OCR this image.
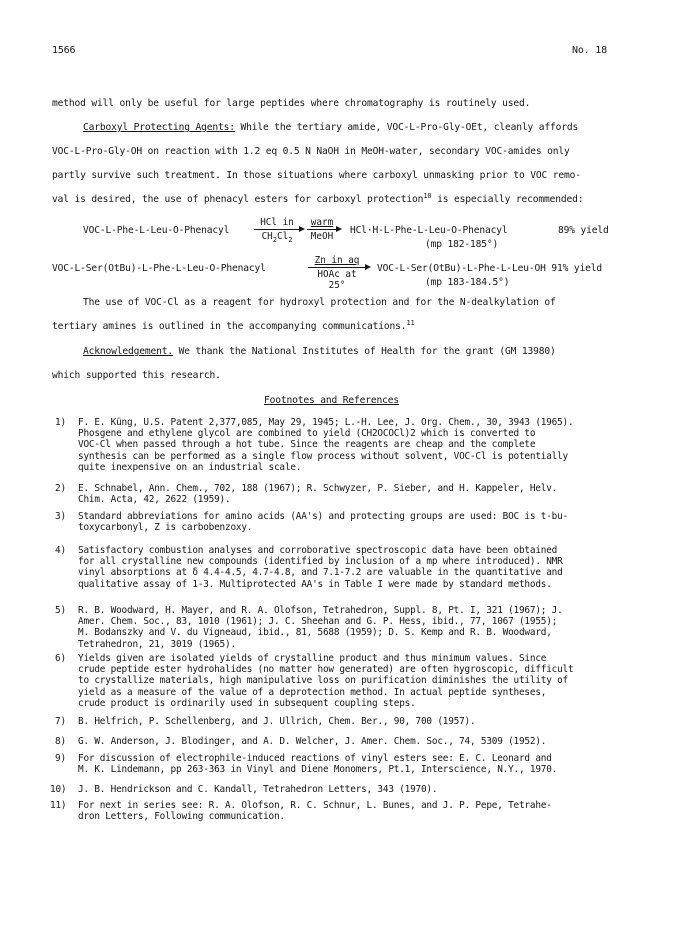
1566	No. 18
method will only be useful for large peptides where chromatography is routinely used.
Carboxyl Protecting Agents: While the tertiary amide, VOC-L-Pro-Gly-OEt, cleanly affords
VOC-L-Pro-Gly-OH on reaction with 1.2 eq 0.5 N NaOH in MeOH-water, secondary VOC-amides only
partly survive such treatment. In those situations where carboxyl unmasking prior to VOC remo-
val is desired, the use of phenacyl esters for carboxyl protection$^{10}$ is especially recommended:
VOC-L-Phe-L-Leu-O-Phenacyl
HCl in
$CH_2Cl_2$
warm
MeOH
HCl·H-L-Phe-L-Leu-O-Phenacyl	89% yield
(mp 182-185°)
VOC-L-Ser(OtBu)-L-Phe-L-Leu-O-Phenacyl
Zn in aq
HOAc at 25°
VOC-L-Ser(OtBu)-L-Phe-L-Leu-OH 91% yield
(mp 183-184.5°)
The use of VOC-Cl as a reagent for hydroxyl protection and for the N-dealkylation of
tertiary amines is outlined in the accompanying communications.$^{11}$
Acknowledgement. We thank the National Institutes of Health for the grant (GM 13980)
which supported this research.
Footnotes and References
1) F. E. Küng, U.S. Patent 2,377,085, May 29, 1945; L.-H. Lee, J. Org. Chem., 30, 3943 (1965).
Phosgene and ethylene glycol are combined to yield (CH2OCOCl)2 which is converted to
VOC-Cl when passed through a hot tube. Since the reagents are cheap and the complete
synthesis can be performed as a single flow process without solvent, VOC-Cl is potentially
quite inexpensive on an industrial scale.
2) E. Schnabel, Ann. Chem., 702, 188 (1967); R. Schwyzer, P. Sieber, and H. Kappeler, Helv.
Chim. Acta, 42, 2622 (1959).
3) Standard abbreviations for amino acids (AA's) and protecting groups are used: BOC is t-bu-
toxycarbonyl, Z is carbobenzoxy.
4) Satisfactory combustion analyses and corroborative spectroscopic data have been obtained
for all crystalline new compounds (identified by inclusion of a mp where introduced). NMR
vinyl absorptions at δ 4.4-4.5, 4.7-4.8, and 7.1-7.2 are valuable in the quantitative and
qualitative assay of 1-3. Multiprotected AA's in Table I were made by standard methods.
5) R. B. Woodward, H. Mayer, and R. A. Olofson, Tetrahedron, Suppl. 8, Pt. I, 321 (1967); J.
Amer. Chem. Soc., 83, 1010 (1961); J. C. Sheehan and G. P. Hess, ibid., 77, 1067 (1955);
M. Bodanszky and V. du Vigneaud, ibid., 81, 5688 (1959); D. S. Kemp and R. B. Woodward,
Tetrahedron, 21, 3019 (1965).
6) Yields given are isolated yields of crystalline product and thus minimum values. Since
crude peptide ester hydrohalides (no matter how generated) are often hygroscopic, difficult
to crystallize materials, high manipulative loss on purification diminishes the utility of
yield as a measure of the value of a deprotection method. In actual peptide syntheses,
crude product is ordinarily used in subsequent coupling steps.
7) B. Helfrich, P. Schellenberg, and J. Ullrich, Chem. Ber., 90, 700 (1957).
8) G. W. Anderson, J. Blodinger, and A. D. Welcher, J. Amer. Chem. Soc., 74, 5309 (1952).
9) For discussion of electrophile-induced reactions of vinyl esters see: E. C. Leonard and
M. K. Lindemann, pp 263-363 in Vinyl and Diene Monomers, Pt.1, Interscience, N.Y., 1970.
10) J. B. Hendrickson and C. Kandall, Tetrahedron Letters, 343 (1970).
11) For next in series see: R. A. Olofson, R. C. Schnur, L. Bunes, and J. P. Pepe, Tetrahe-
dron Letters, Following communication.
